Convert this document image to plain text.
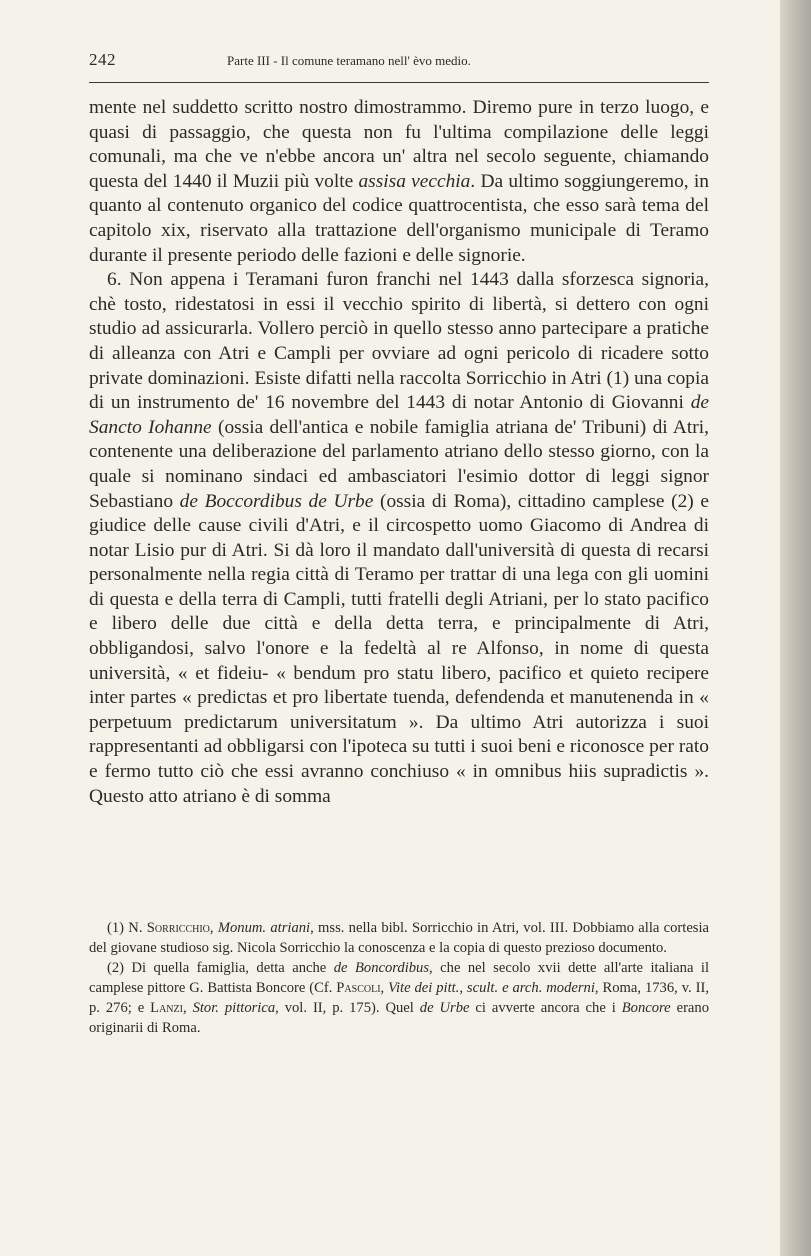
242	Parte III - Il comune teramano nell' èvo medio.

mente nel suddetto scritto nostro dimostrammo. Diremo pure in terzo luogo, e quasi di passaggio, che questa non fu l'ultima compilazione delle leggi comunali, ma che ve n'ebbe ancora un' altra nel secolo seguente, chiamando questa del 1440 il Muzii più volte assisa vecchia. Da ultimo soggiungeremo, in quanto al contenuto organico del codice quattrocentista, che esso sarà tema del capitolo xix, riservato alla trattazione dell'organismo municipale di Teramo durante il presente periodo delle fazioni e delle signorie.

6. Non appena i Teramani furon franchi nel 1443 dalla sforzesca signoria, chè tosto, ridestatosi in essi il vecchio spirito di libertà, si dettero con ogni studio ad assicurarla. Vollero perciò in quello stesso anno partecipare a pratiche di alleanza con Atri e Campli per ovviare ad ogni pericolo di ricadere sotto private dominazioni. Esiste difatti nella raccolta Sorricchio in Atri (1) una copia di un instrumento de' 16 novembre del 1443 di notar Antonio di Giovanni de Sancto Iohanne (ossia dell'antica e nobile famiglia atriana de' Tribuni) di Atri, contenente una deliberazione del parlamento atriano dello stesso giorno, con la quale si nominano sindaci ed ambasciatori l'esimio dottor di leggi signor Sebastiano de Boccordibus de Urbe (ossia di Roma), cittadino camplese (2) e giudice delle cause civili d'Atri, e il circospetto uomo Giacomo di Andrea di notar Lisio pur di Atri. Si dà loro il mandato dall'università di questa di recarsi personalmente nella regia città di Teramo per trattar di una lega con gli uomini di questa e della terra di Campli, tutti fratelli degli Atriani, per lo stato pacifico e libero delle due città e della detta terra, e principalmente di Atri, obbligandosi, salvo l'onore e la fedeltà al re Alfonso, in nome di questa università, « et fideiu- « bendum pro statu libero, pacifico et quieto recipere inter partes « predictas et pro libertate tuenda, defendenda et manutenenda in « perpetuum predictarum universitatum ». Da ultimo Atri autorizza i suoi rappresentanti ad obbligarsi con l'ipoteca su tutti i suoi beni e riconosce per rato e fermo tutto ciò che essi avranno conchiuso « in omnibus hiis supradictis ». Questo atto atriano è di somma

(1) N. Sorricchio, Monum. atriani, mss. nella bibl. Sorricchio in Atri, vol. III. Dobbiamo alla cortesia del giovane studioso sig. Nicola Sorricchio la conoscenza e la copia di questo prezioso documento.

(2) Di quella famiglia, detta anche de Boncordibus, che nel secolo xvii dette all'arte italiana il camplese pittore G. Battista Boncore (Cf. Pascoli, Vite dei pitt., scult. e arch. moderni, Roma, 1736, v. II, p. 276; e Lanzi, Stor. pittorica, vol. II, p. 175). Quel de Urbe ci avverte ancora che i Boncore erano originarii di Roma.
